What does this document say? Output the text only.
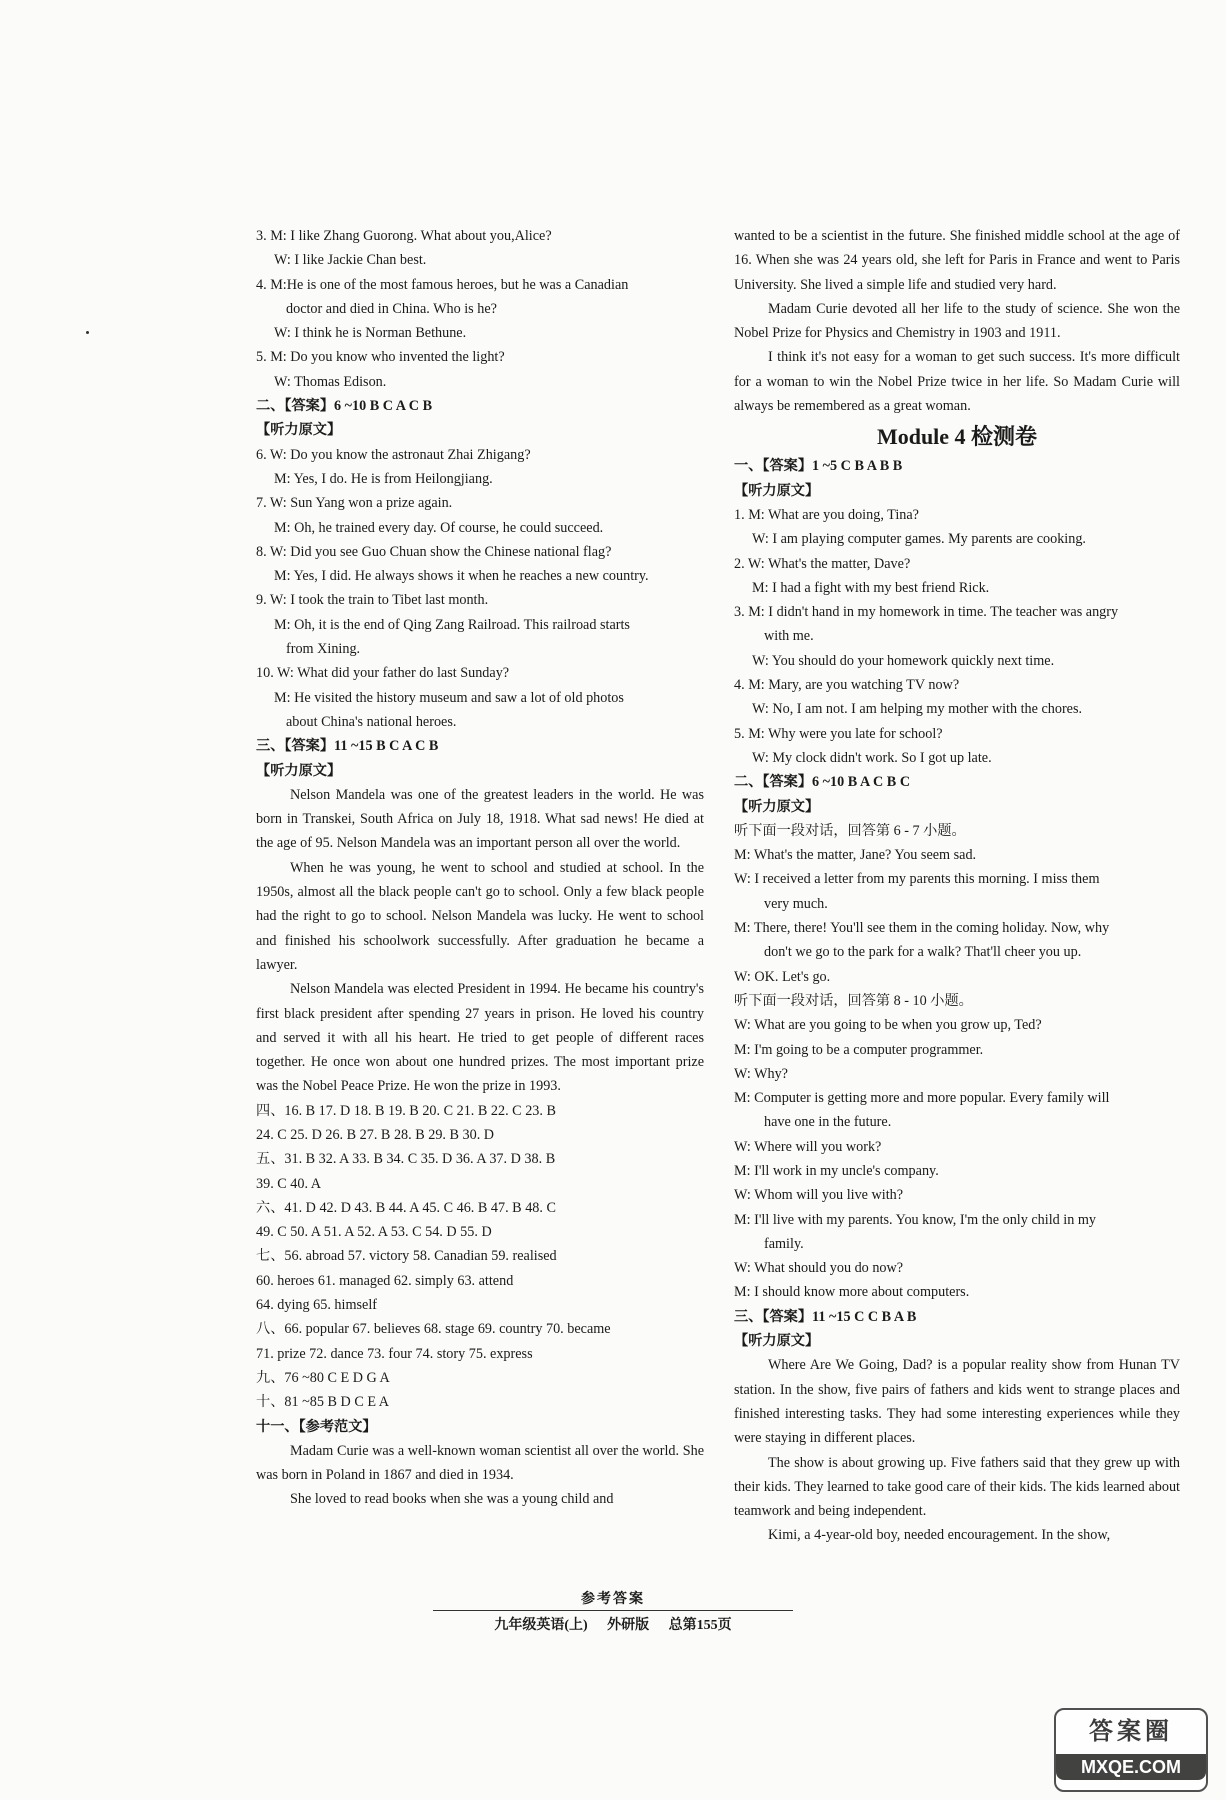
3. M: I like Zhang Guorong. What about you,Alice?
W: I like Jackie Chan best.
4. M:He is one of the most famous heroes, but he was a Canadian
doctor and died in China. Who is he?
W: I think he is Norman Bethune.
5. M: Do you know who invented the light?
W: Thomas Edison.
二、【答案】6 ~10 B C A C B
【听力原文】
6. W: Do you know the astronaut Zhai Zhigang?
M: Yes, I do. He is from Heilongjiang.
7. W: Sun Yang won a prize again.
M: Oh, he trained every day. Of course, he could succeed.
8. W: Did you see Guo Chuan show the Chinese national flag?
M: Yes, I did. He always shows it when he reaches a new country.
9. W: I took the train to Tibet last month.
M: Oh, it is the end of Qing Zang Railroad. This railroad starts
from Xining.
10. W: What did your father do last Sunday?
M: He visited the history museum and saw a lot of old photos
about China's national heroes.
三、【答案】11 ~15 B C A C B
【听力原文】
Nelson Mandela was one of the greatest leaders in the world. He was born in Transkei, South Africa on July 18, 1918. What sad news! He died at the age of 95. Nelson Mandela was an important person all over the world.
When he was young, he went to school and studied at school. In the 1950s, almost all the black people can't go to school. Only a few black people had the right to go to school. Nelson Mandela was lucky. He went to school and finished his schoolwork successfully. After graduation he became a lawyer.
Nelson Mandela was elected President in 1994. He became his country's first black president after spending 27 years in prison. He loved his country and served it with all his heart. He tried to get people of different races together. He once won about one hundred prizes. The most important prize was the Nobel Peace Prize. He won the prize in 1993.
四、16. B 17. D 18. B 19. B 20. C 21. B 22. C 23. B
24. C 25. D 26. B 27. B 28. B 29. B 30. D
五、31. B 32. A 33. B 34. C 35. D 36. A 37. D 38. B
39. C 40. A
六、41. D 42. D 43. B 44. A 45. C 46. B 47. B 48. C
49. C 50. A 51. A 52. A 53. C 54. D 55. D
七、56. abroad 57. victory 58. Canadian 59. realised
60. heroes 61. managed 62. simply 63. attend
64. dying 65. himself
八、66. popular 67. believes 68. stage 69. country 70. became
71. prize 72. dance 73. four 74. story 75. express
九、76 ~80 C E D G A
十、81 ~85 B D C E A
十一、【参考范文】
Madam Curie was a well-known woman scientist all over the world. She was born in Poland in 1867 and died in 1934.
She loved to read books when she was a young child and
wanted to be a scientist in the future. She finished middle school at the age of 16. When she was 24 years old, she left for Paris in France and went to Paris University. She lived a simple life and studied very hard.
Madam Curie devoted all her life to the study of science. She won the Nobel Prize for Physics and Chemistry in 1903 and 1911.
I think it's not easy for a woman to get such success. It's more difficult for a woman to win the Nobel Prize twice in her life. So Madam Curie will always be remembered as a great woman.
Module 4 检测卷
一、【答案】1 ~5 C B A B B
【听力原文】
1. M: What are you doing, Tina?
W: I am playing computer games. My parents are cooking.
2. W: What's the matter, Dave?
M: I had a fight with my best friend Rick.
3. M: I didn't hand in my homework in time. The teacher was angry
with me.
W: You should do your homework quickly next time.
4. M: Mary, are you watching TV now?
W: No, I am not. I am helping my mother with the chores.
5. M: Why were you late for school?
W: My clock didn't work. So I got up late.
二、【答案】6 ~10 B A C B C
【听力原文】
听下面一段对话，回答第 6 - 7 小题。
M: What's the matter, Jane? You seem sad.
W: I received a letter from my parents this morning. I miss them
very much.
M: There, there! You'll see them in the coming holiday. Now, why
don't we go to the park for a walk? That'll cheer you up.
W: OK. Let's go.
听下面一段对话，回答第 8 - 10 小题。
W: What are you going to be when you grow up, Ted?
M: I'm going to be a computer programmer.
W: Why?
M: Computer is getting more and more popular. Every family will
have one in the future.
W: Where will you work?
M: I'll work in my uncle's company.
W: Whom will you live with?
M: I'll live with my parents. You know, I'm the only child in my
family.
W: What should you do now?
M: I should know more about computers.
三、【答案】11 ~15 C C B A B
【听力原文】
Where Are We Going, Dad? is a popular reality show from Hunan TV station. In the show, five pairs of fathers and kids went to strange places and finished interesting tasks. They had some interesting experiences while they were staying in different places.
The show is about growing up. Five fathers said that they grew up with their kids. They learned to take good care of their kids. The kids learned about teamwork and being independent.
Kimi, a 4-year-old boy, needed encouragement. In the show,
参考答案
九年级英语(上) 外研版 总第155页
答案圈
MXQE.COM
